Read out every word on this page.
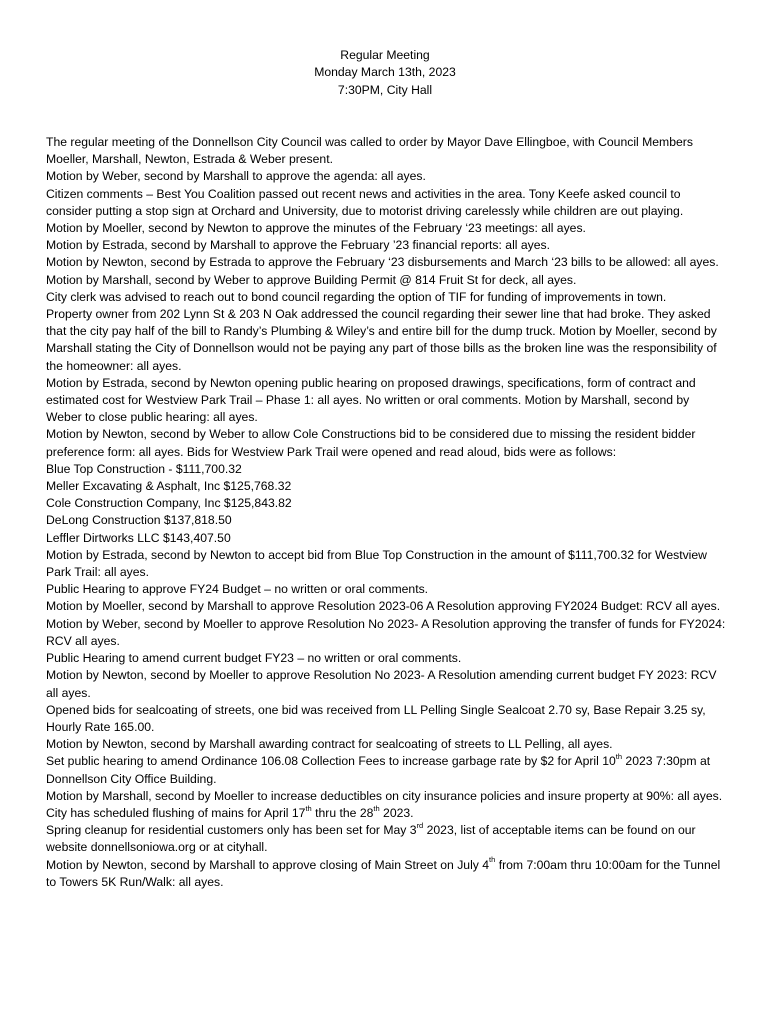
Regular Meeting
Monday March 13th, 2023
7:30PM, City Hall

The regular meeting of the Donnellson City Council was called to order by Mayor Dave Ellingboe, with Council Members Moeller, Marshall, Newton, Estrada & Weber present.

Motion by Weber, second by Marshall to approve the agenda: all ayes.

Citizen comments – Best You Coalition passed out recent news and activities in the area. Tony Keefe asked council to consider putting a stop sign at Orchard and University, due to motorist driving carelessly while children are out playing.

Motion by Moeller, second by Newton to approve the minutes of the February ‘23 meetings: all ayes.

Motion by Estrada, second by Marshall to approve the February ’23 financial reports: all ayes.

Motion by Newton, second by Estrada to approve the February ‘23 disbursements and March ‘23 bills to be allowed: all ayes.

Motion by Marshall, second by Weber to approve Building Permit @ 814 Fruit St for deck, all ayes.

City clerk was advised to reach out to bond council regarding the option of TIF for funding of improvements in town.

Property owner from 202 Lynn St & 203 N Oak addressed the council regarding their sewer line that had broke. They asked that the city pay half of the bill to Randy’s Plumbing & Wiley’s and entire bill for the dump truck. Motion by Moeller, second by Marshall stating the City of Donnellson would not be paying any part of those bills as the broken line was the responsibility of the homeowner: all ayes.

Motion by Estrada, second by Newton opening public hearing on proposed drawings, specifications, form of contract and estimated cost for Westview Park Trail – Phase 1: all ayes. No written or oral comments. Motion by Marshall, second by Weber to close public hearing: all ayes.

Motion by Newton, second by Weber to allow Cole Constructions bid to be considered due to missing the resident bidder preference form: all ayes. Bids for Westview Park Trail were opened and read aloud, bids were as follows:

Blue Top Construction - $111,700.32

Meller Excavating & Asphalt, Inc $125,768.32

Cole Construction Company, Inc $125,843.82

DeLong Construction $137,818.50

Leffler Dirtworks LLC $143,407.50

Motion by Estrada, second by Newton to accept bid from Blue Top Construction in the amount of $111,700.32 for Westview Park Trail: all ayes.

Public Hearing to approve FY24 Budget – no written or oral comments.

Motion by Moeller, second by Marshall to approve Resolution 2023-06 A Resolution approving FY2024 Budget: RCV all ayes.

Motion by Weber, second by Moeller to approve Resolution No 2023- A Resolution approving the transfer of funds for FY2024: RCV all ayes.

Public Hearing to amend current budget FY23 – no written or oral comments.

Motion by Newton, second by Moeller to approve Resolution No 2023- A Resolution amending current budget FY 2023: RCV all ayes.

Opened bids for sealcoating of streets, one bid was received from LL Pelling Single Sealcoat 2.70 sy, Base Repair 3.25 sy, Hourly Rate 165.00.

Motion by Newton, second by Marshall awarding contract for sealcoating of streets to LL Pelling, all ayes.

Set public hearing to amend Ordinance 106.08 Collection Fees to increase garbage rate by $2 for April 10th 2023 7:30pm at Donnellson City Office Building.

Motion by Marshall, second by Moeller to increase deductibles on city insurance policies and insure property at 90%: all ayes.

City has scheduled flushing of mains for April 17th thru the 28th 2023.

Spring cleanup for residential customers only has been set for May 3rd 2023, list of acceptable items can be found on our website donnellsoniowa.org or at cityhall.

Motion by Newton, second by Marshall to approve closing of Main Street on July 4th from 7:00am thru 10:00am for the Tunnel to Towers 5K Run/Walk: all ayes.
